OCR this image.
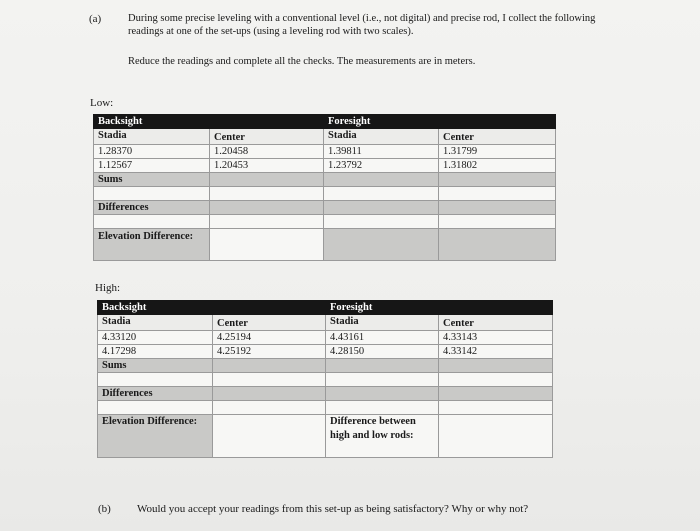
(a)	During some precise leveling with a conventional level (i.e., not digital) and precise rod, I collect the following readings at one of the set-ups (using a leveling rod with two scales).
Reduce the readings and complete all the checks. The measurements are in meters.
Low:
Backsight		Foresight	
Stadia	Center	Stadia	Center
1.28370	1.20458	1.39811	1.31799
1.12567	1.20453	1.23792	1.31802
Sums			

Differences			

Elevation Difference:			
High:
Backsight		Foresight	
Stadia	Center	Stadia	Center
4.33120	4.25194	4.43161	4.33143
4.17298	4.25192	4.28150	4.33142
Sums			

Differences			

Elevation Difference:		Difference between high and low rods:	
(b) Would you accept your readings from this set-up as being satisfactory? Why or why not?
